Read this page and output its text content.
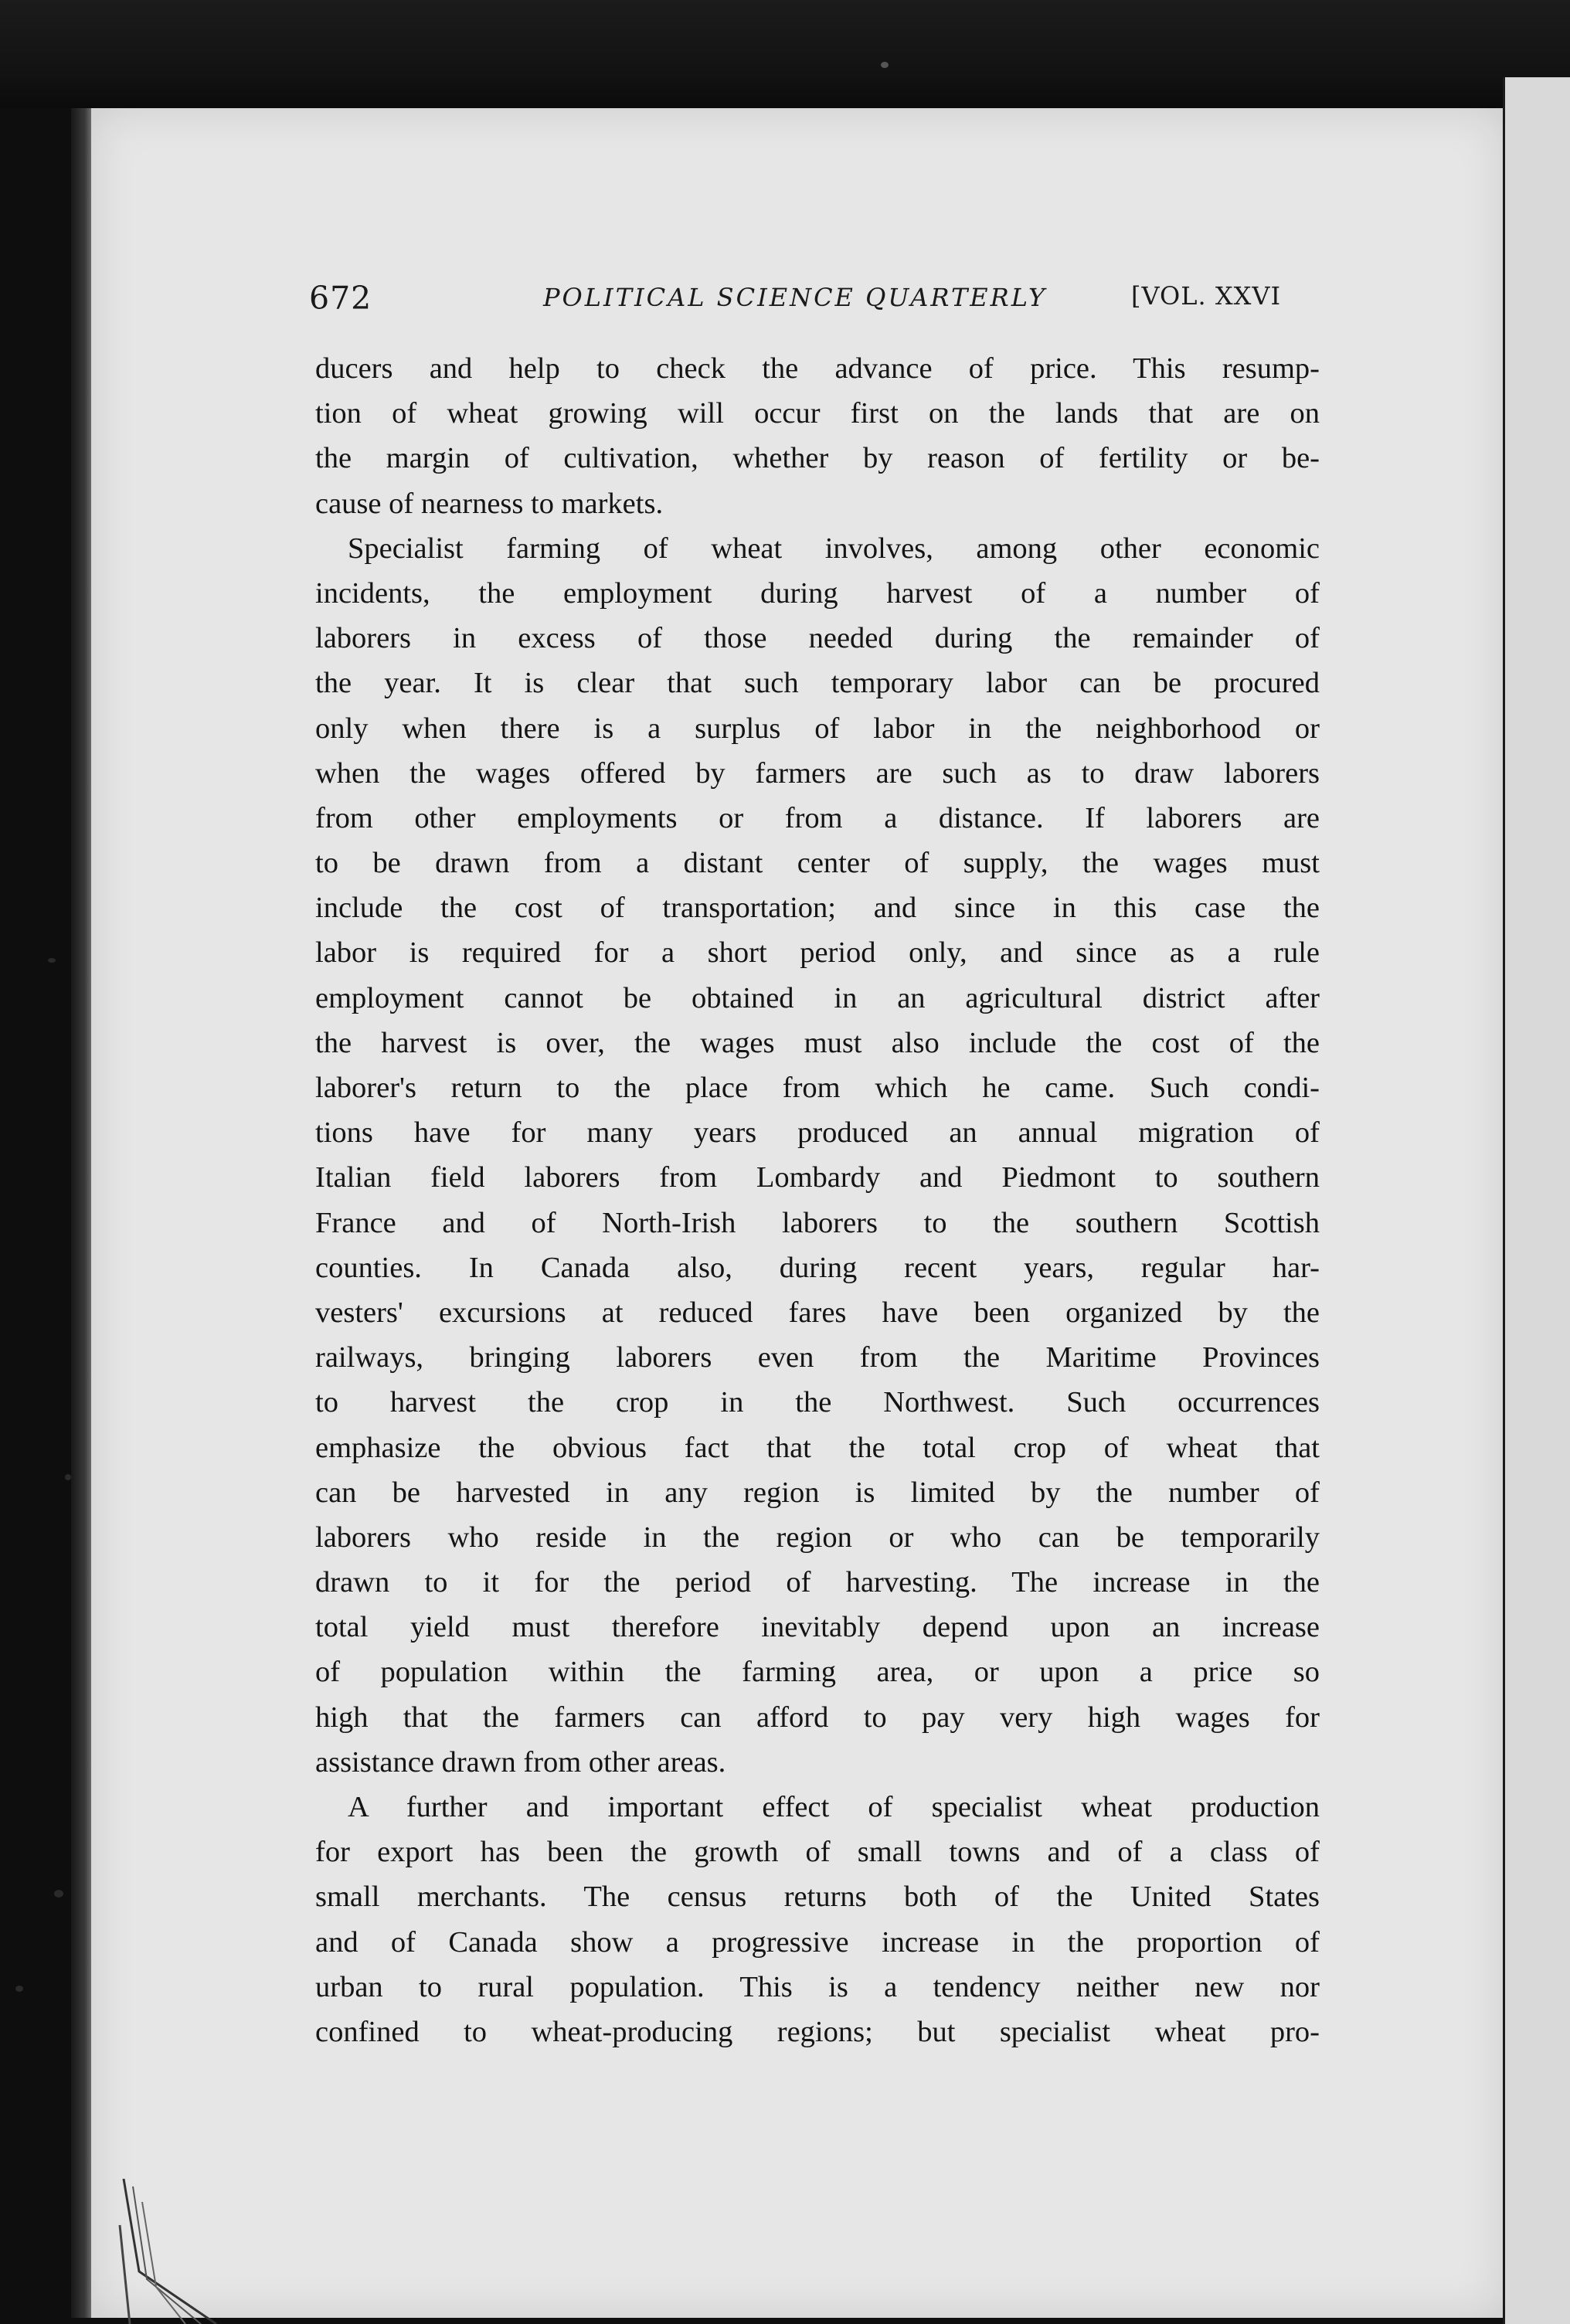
672	POLITICAL SCIENCE QUARTERLY	[VOL. XXVI
ducers and help to check the advance of price. This resump-
tion of wheat growing will occur first on the lands that are on
the margin of cultivation, whether by reason of fertility or be-
cause of nearness to markets.
Specialist farming of wheat involves, among other economic
incidents, the employment during harvest of a number of
laborers in excess of those needed during the remainder of
the year. It is clear that such temporary labor can be procured
only when there is a surplus of labor in the neighborhood or
when the wages offered by farmers are such as to draw laborers
from other employments or from a distance. If laborers are
to be drawn from a distant center of supply, the wages must
include the cost of transportation; and since in this case the
labor is required for a short period only, and since as a rule
employment cannot be obtained in an agricultural district after
the harvest is over, the wages must also include the cost of the
laborer's return to the place from which he came. Such condi-
tions have for many years produced an annual migration of
Italian field laborers from Lombardy and Piedmont to southern
France and of North-Irish laborers to the southern Scottish
counties. In Canada also, during recent years, regular har-
vesters' excursions at reduced fares have been organized by the
railways, bringing laborers even from the Maritime Provinces
to harvest the crop in the Northwest. Such occurrences
emphasize the obvious fact that the total crop of wheat that
can be harvested in any region is limited by the number of
laborers who reside in the region or who can be temporarily
drawn to it for the period of harvesting. The increase in the
total yield must therefore inevitably depend upon an increase
of population within the farming area, or upon a price so
high that the farmers can afford to pay very high wages for
assistance drawn from other areas.
A further and important effect of specialist wheat production
for export has been the growth of small towns and of a class of
small merchants. The census returns both of the United States
and of Canada show a progressive increase in the proportion of
urban to rural population. This is a tendency neither new nor
confined to wheat-producing regions; but specialist wheat pro-
